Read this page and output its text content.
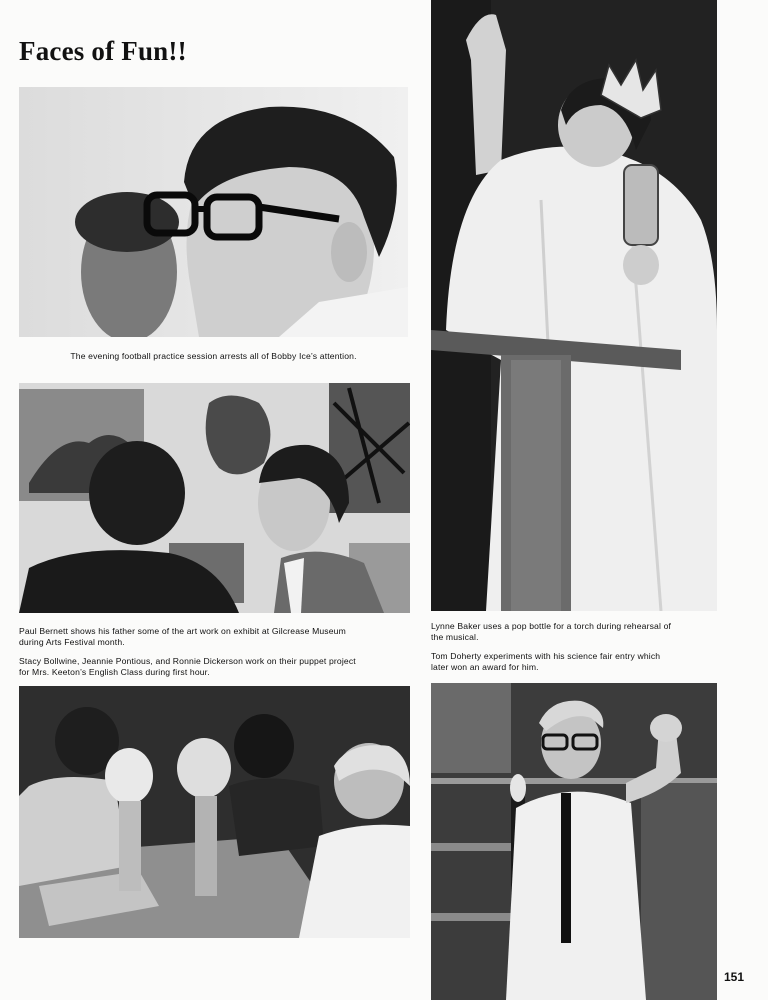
Faces of Fun!!
The evening football practice session arrests all of Bobby Ice’s attention.
Paul Bernett shows his father some of the art work on exhibit at Gilcrease Museum
during Arts Festival month.
Stacy Bollwine, Jeannie Pontious, and Ronnie Dickerson work on their puppet project
for Mrs. Keeton’s English Class during first hour.
Lynne Baker uses a pop bottle for a torch during rehearsal of
the musical.
Tom Doherty experiments with his science fair entry which
later won an award for him.
151
